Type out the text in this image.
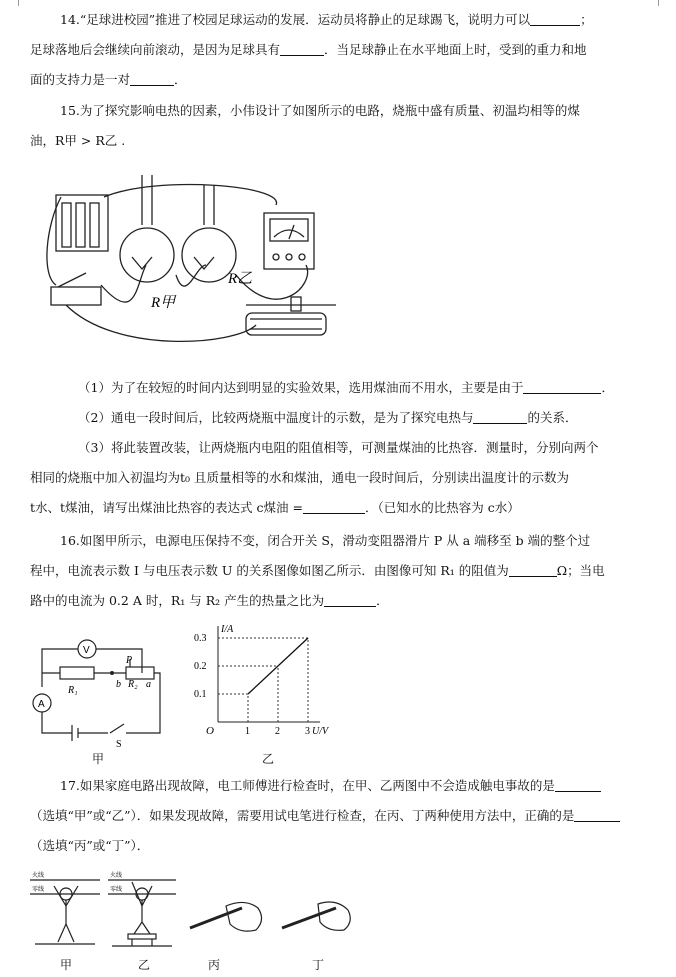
14.“足球进校园”推进了校园足球运动的发展．运动员将静止的足球踢飞，说明力可以	；
足球落地后会继续向前滚动，是因为足球具有	．当足球静止在水平地面上时，受到的重力和地
面的支持力是一对	．
15.为了探究影响电热的因素，小伟设计了如图所示的电路，烧瓶中盛有质量、初温均相等的煤
油，R甲 > R乙 .
R甲
R乙
（1）为了在较短的时间内达到明显的实验效果，选用煤油而不用水，主要是由于	．
（2）通电一段时间后，比较两烧瓶中温度计的示数，是为了探究电热与	的关系．
（3）将此装置改装，让两烧瓶内电阻的阻值相等，可测量煤油的比热容．测量时，分别向两个
相同的烧瓶中加入初温均为t₀ 且质量相等的水和煤油，通电一段时间后，分别读出温度计的示数为
t水、t煤油，请写出煤油比热容的表达式 c煤油 =	．（已知水的比热容为 c水）
16.如图甲所示，电源电压保持不变，闭合开关 S，滑动变阻器滑片 P 从 a 端移至 b 端的整个过
程中，电流表示数 I 与电压表示数 U 的关系图像如图乙所示．由图像可知 R₁ 的阻值为	Ω；当电
路中的电流为 0.2 A 时，R₁ 与 R₂ 产生的热量之比为	．
V
A
R₁
R₂
P
b	a
S
甲
O	U/V
I/A
1	2	3
0.1
0.2
0.3
乙
17.如果家庭电路出现故障，电工师傅进行检查时，在甲、乙两图中不会造成触电事故的是
（选填“甲”或“乙”）．如果发现故障，需要用试电笔进行检查，在丙、丁两种使用方法中，正确的是
（选填“丙”或“丁”）．
火线
零线
火线
零线
甲	乙	丙	丁
